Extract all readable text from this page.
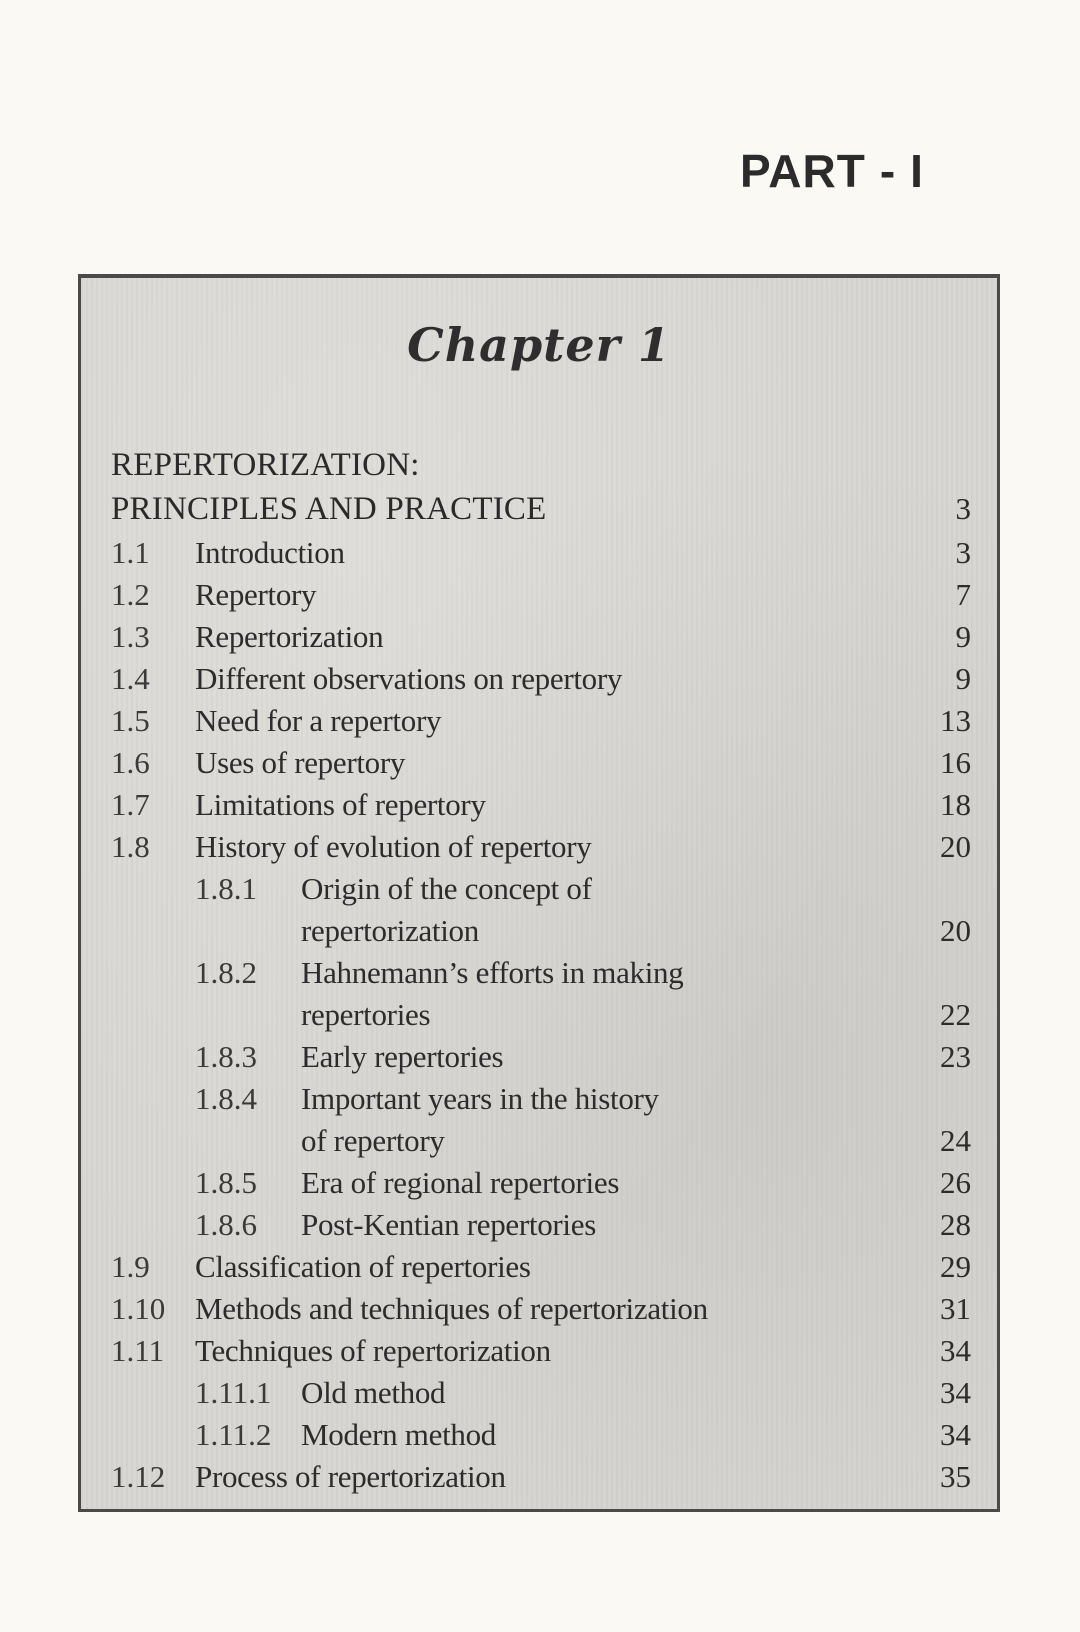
PART - I
Chapter 1
REPERTORIZATION:
PRINCIPLES AND PRACTICE	3
1.1	Introduction	3
1.2	Repertory	7
1.3	Repertorization	9
1.4	Different observations on repertory	9
1.5	Need for a repertory	13
1.6	Uses of repertory	16
1.7	Limitations of repertory	18
1.8	History of evolution of repertory	20
1.8.1	Origin of the concept of
repertorization	20
1.8.2	Hahnemann’s efforts in making
repertories	22
1.8.3	Early repertories	23
1.8.4	Important years in the history
of repertory	24
1.8.5	Era of regional repertories	26
1.8.6	Post-Kentian repertories	28
1.9	Classification of repertories	29
1.10 Methods and techniques of repertorization	31
1.11 Techniques of repertorization	34
1.11.1 Old method	34
1.11.2 Modern method	34
1.12 Process of repertorization	35
